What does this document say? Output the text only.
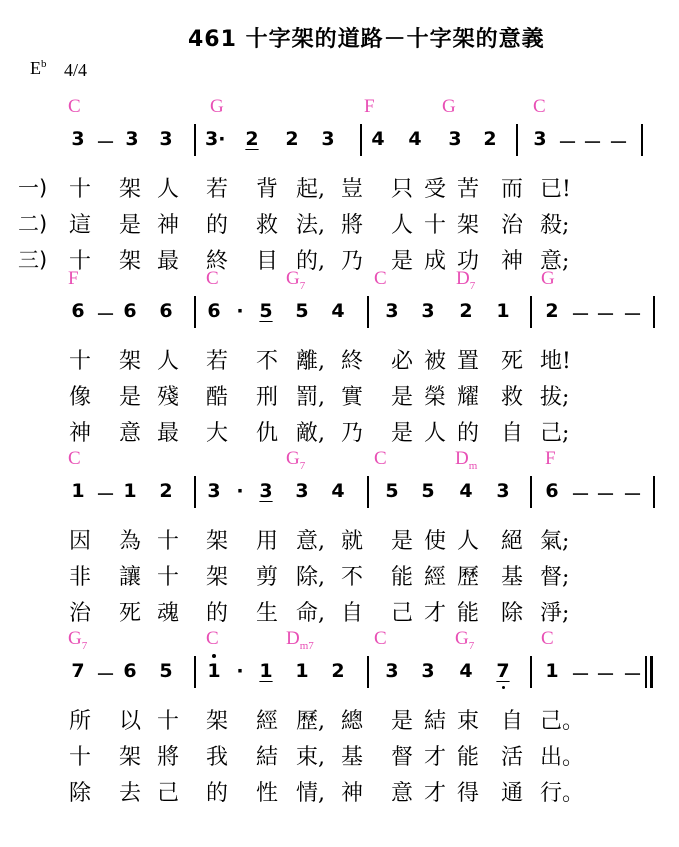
461 十字架的道路－十字架的意義
$E^b$ 4/4
C	G	F	G	C
3 － 3 3 3· 2 2 3 4 4 3 2 3 － － －
一) 十 架 人 若 背 起, 豈 只 受 苦 而 已!
二) 這 是 神 的 救 法, 將 人 十 架 治 殺;
三) 十 架 最 終 目 的, 乃 是 成 功 神 意;
F	C	$G_7$	C	$D_7$	G
6 － 6 6 6 · 5 5 4 3 3 2 1 2 － － －
十 架 人 若 不 離, 終 必 被 置 死 地!
像 是 殘 酷 刑 罰, 實 是 榮 耀 救 拔;
神 意 最 大 仇 敵, 乃 是 人 的 自 己;
C	$G_7$	C	$D_m$	F
1 － 1 2 3 · 3 3 4 5 5 4 3 6 － － －
因 為 十 架 用 意, 就 是 使 人 絕 氣;
非 讓 十 架 剪 除, 不 能 經 歷 基 督;
治 死 魂 的 生 命, 自 己 才 能 除 淨;
$G_7$	C	$D_{m7}$	C	$G_7$	C
7 － 6 5 1 · 1 1 2 3 3 4 7 1 － － －
所 以 十 架 經 歷, 總 是 結 束 自 己。
十 架 將 我 結 束, 基 督 才 能 活 出。
除 去 己 的 性 情, 神 意 才 得 通 行。
